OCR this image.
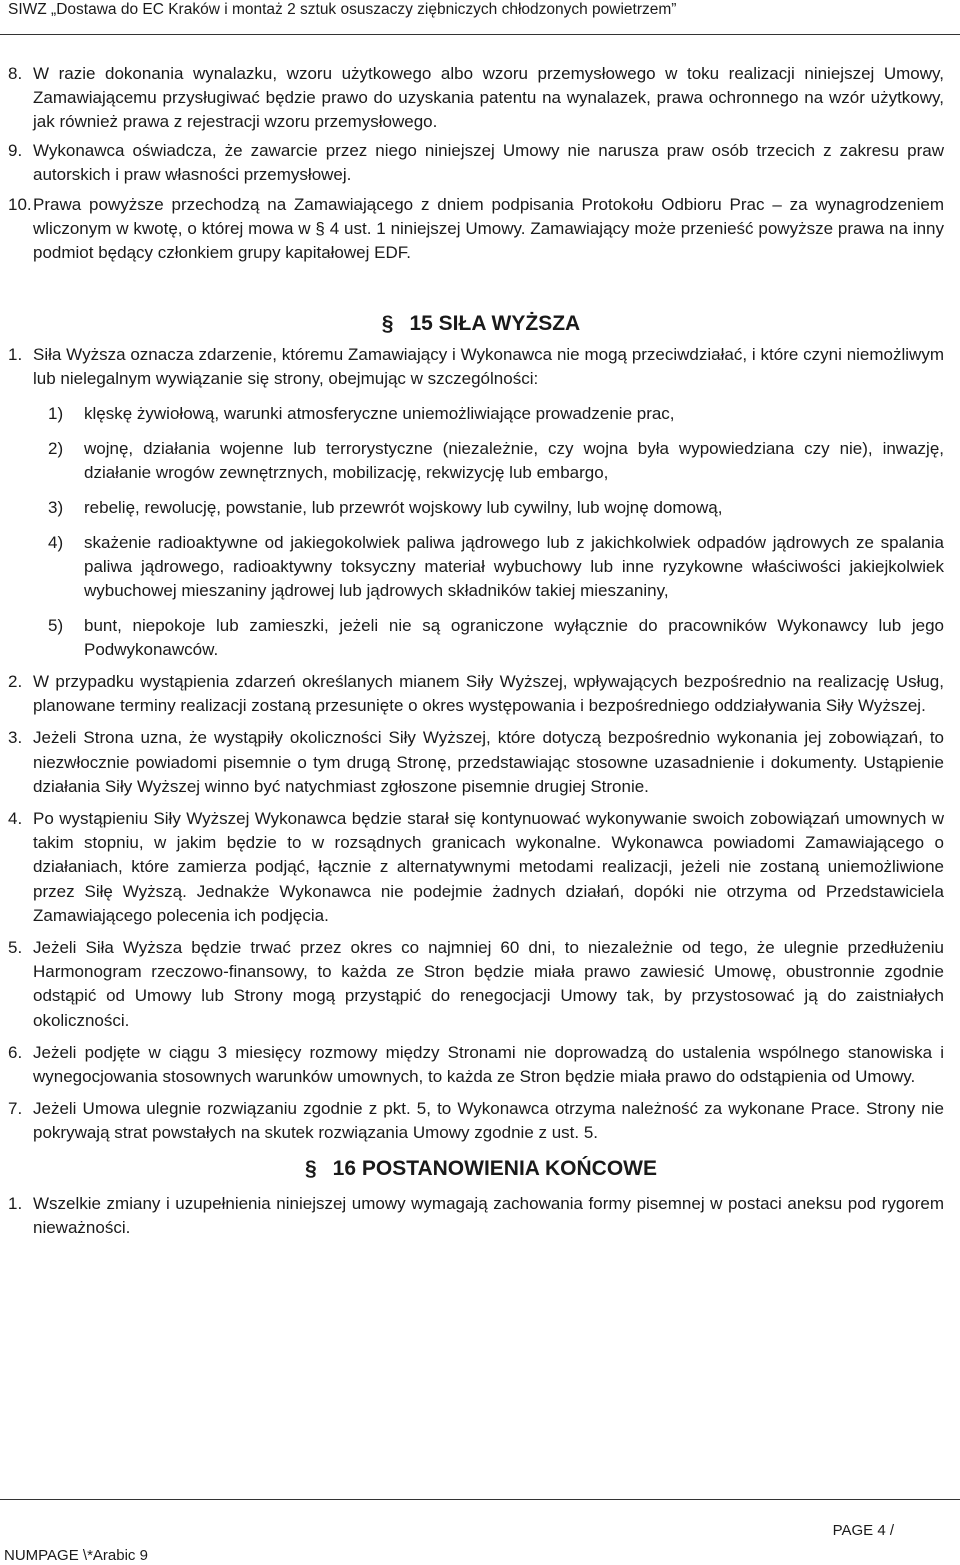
SIWZ „Dostawa do EC Kraków i montaż 2 sztuk osuszaczy ziębniczych chłodzonych powietrzem”

8. W razie dokonania wynalazku, wzoru użytkowego albo wzoru przemysłowego w toku realizacji niniejszej Umowy, Zamawiającemu przysługiwać będzie prawo do uzyskania patentu na wynalazek, prawa ochronnego na wzór użytkowy, jak również prawa z rejestracji wzoru przemysłowego.

9. Wykonawca oświadcza, że zawarcie przez niego niniejszej Umowy nie narusza praw osób trzecich z zakresu praw autorskich i praw własności przemysłowej.

10. Prawa powyższe przechodzą na Zamawiającego z dniem podpisania Protokołu Odbioru Prac – za wynagrodzeniem wliczonym w kwotę, o której mowa w § 4 ust. 1 niniejszej Umowy. Zamawiający może przenieść powyższe prawa na inny podmiot będący członkiem grupy kapitałowej EDF.

§ 15 SIŁA WYŻSZA

1. Siła Wyższa oznacza zdarzenie, któremu Zamawiający i Wykonawca nie mogą przeciwdziałać, i które czyni niemożliwym lub nielegalnym wywiązanie się strony, obejmując w szczególności:

1) klęskę żywiołową, warunki atmosferyczne uniemożliwiające prowadzenie prac,

2) wojnę, działania wojenne lub terrorystyczne (niezależnie, czy wojna była wypowiedziana czy nie), inwazję, działanie wrogów zewnętrznych, mobilizację, rekwizycję lub embargo,

3) rebelię, rewolucję, powstanie, lub przewrót wojskowy lub cywilny, lub wojnę domową,

4) skażenie radioaktywne od jakiegokolwiek paliwa jądrowego lub z jakichkolwiek odpadów jądrowych ze spalania paliwa jądrowego, radioaktywny toksyczny materiał wybuchowy lub inne ryzykowne właściwości jakiejkolwiek wybuchowej mieszaniny jądrowej lub jądrowych składników takiej mieszaniny,

5) bunt, niepokoje lub zamieszki, jeżeli nie są ograniczone wyłącznie do pracowników Wykonawcy lub jego Podwykonawców.

2. W przypadku wystąpienia zdarzeń określanych mianem Siły Wyższej, wpływających bezpośrednio na realizację Usług, planowane terminy realizacji zostaną przesunięte o okres występowania i bezpośredniego oddziaływania Siły Wyższej.

3. Jeżeli Strona uzna, że wystąpiły okoliczności Siły Wyższej, które dotyczą bezpośrednio wykonania jej zobowiązań, to niezwłocznie powiadomi pisemnie o tym drugą Stronę, przedstawiając stosowne uzasadnienie i dokumenty. Ustąpienie działania Siły Wyższej winno być natychmiast zgłoszone pisemnie drugiej Stronie.

4. Po wystąpieniu Siły Wyższej Wykonawca będzie starał się kontynuować wykonywanie swoich zobowiązań umownych w takim stopniu, w jakim będzie to w rozsądnych granicach wykonalne. Wykonawca powiadomi Zamawiającego o działaniach, które zamierza podjąć, łącznie z alternatywnymi metodami realizacji, jeżeli nie zostaną uniemożliwione przez Siłę Wyższą. Jednakże Wykonawca nie podejmie żadnych działań, dopóki nie otrzyma od Przedstawiciela Zamawiającego polecenia ich podjęcia.

5. Jeżeli Siła Wyższa będzie trwać przez okres co najmniej 60 dni, to niezależnie od tego, że ulegnie przedłużeniu Harmonogram rzeczowo-finansowy, to każda ze Stron będzie miała prawo zawiesić Umowę, obustronnie zgodnie odstąpić od Umowy lub Strony mogą przystąpić do renegocjacji Umowy tak, by przystosować ją do zaistniałych okoliczności.

6. Jeżeli podjęte w ciągu 3 miesięcy rozmowy między Stronami nie doprowadzą do ustalenia wspólnego stanowiska i wynegocjowania stosownych warunków umownych, to każda ze Stron będzie miała prawo do odstąpienia od Umowy.

7. Jeżeli Umowa ulegnie rozwiązaniu zgodnie z pkt. 5, to Wykonawca otrzyma należność za wykonane Prace. Strony nie pokrywają strat powstałych na skutek rozwiązania Umowy zgodnie z ust. 5.

§ 16 POSTANOWIENIA KOŃCOWE

1. Wszelkie zmiany i uzupełnienia niniejszej umowy wymagają zachowania formy pisemnej w postaci aneksu pod rygorem nieważności.

PAGE 4 /
NUMPAGE \*Arabic 9
